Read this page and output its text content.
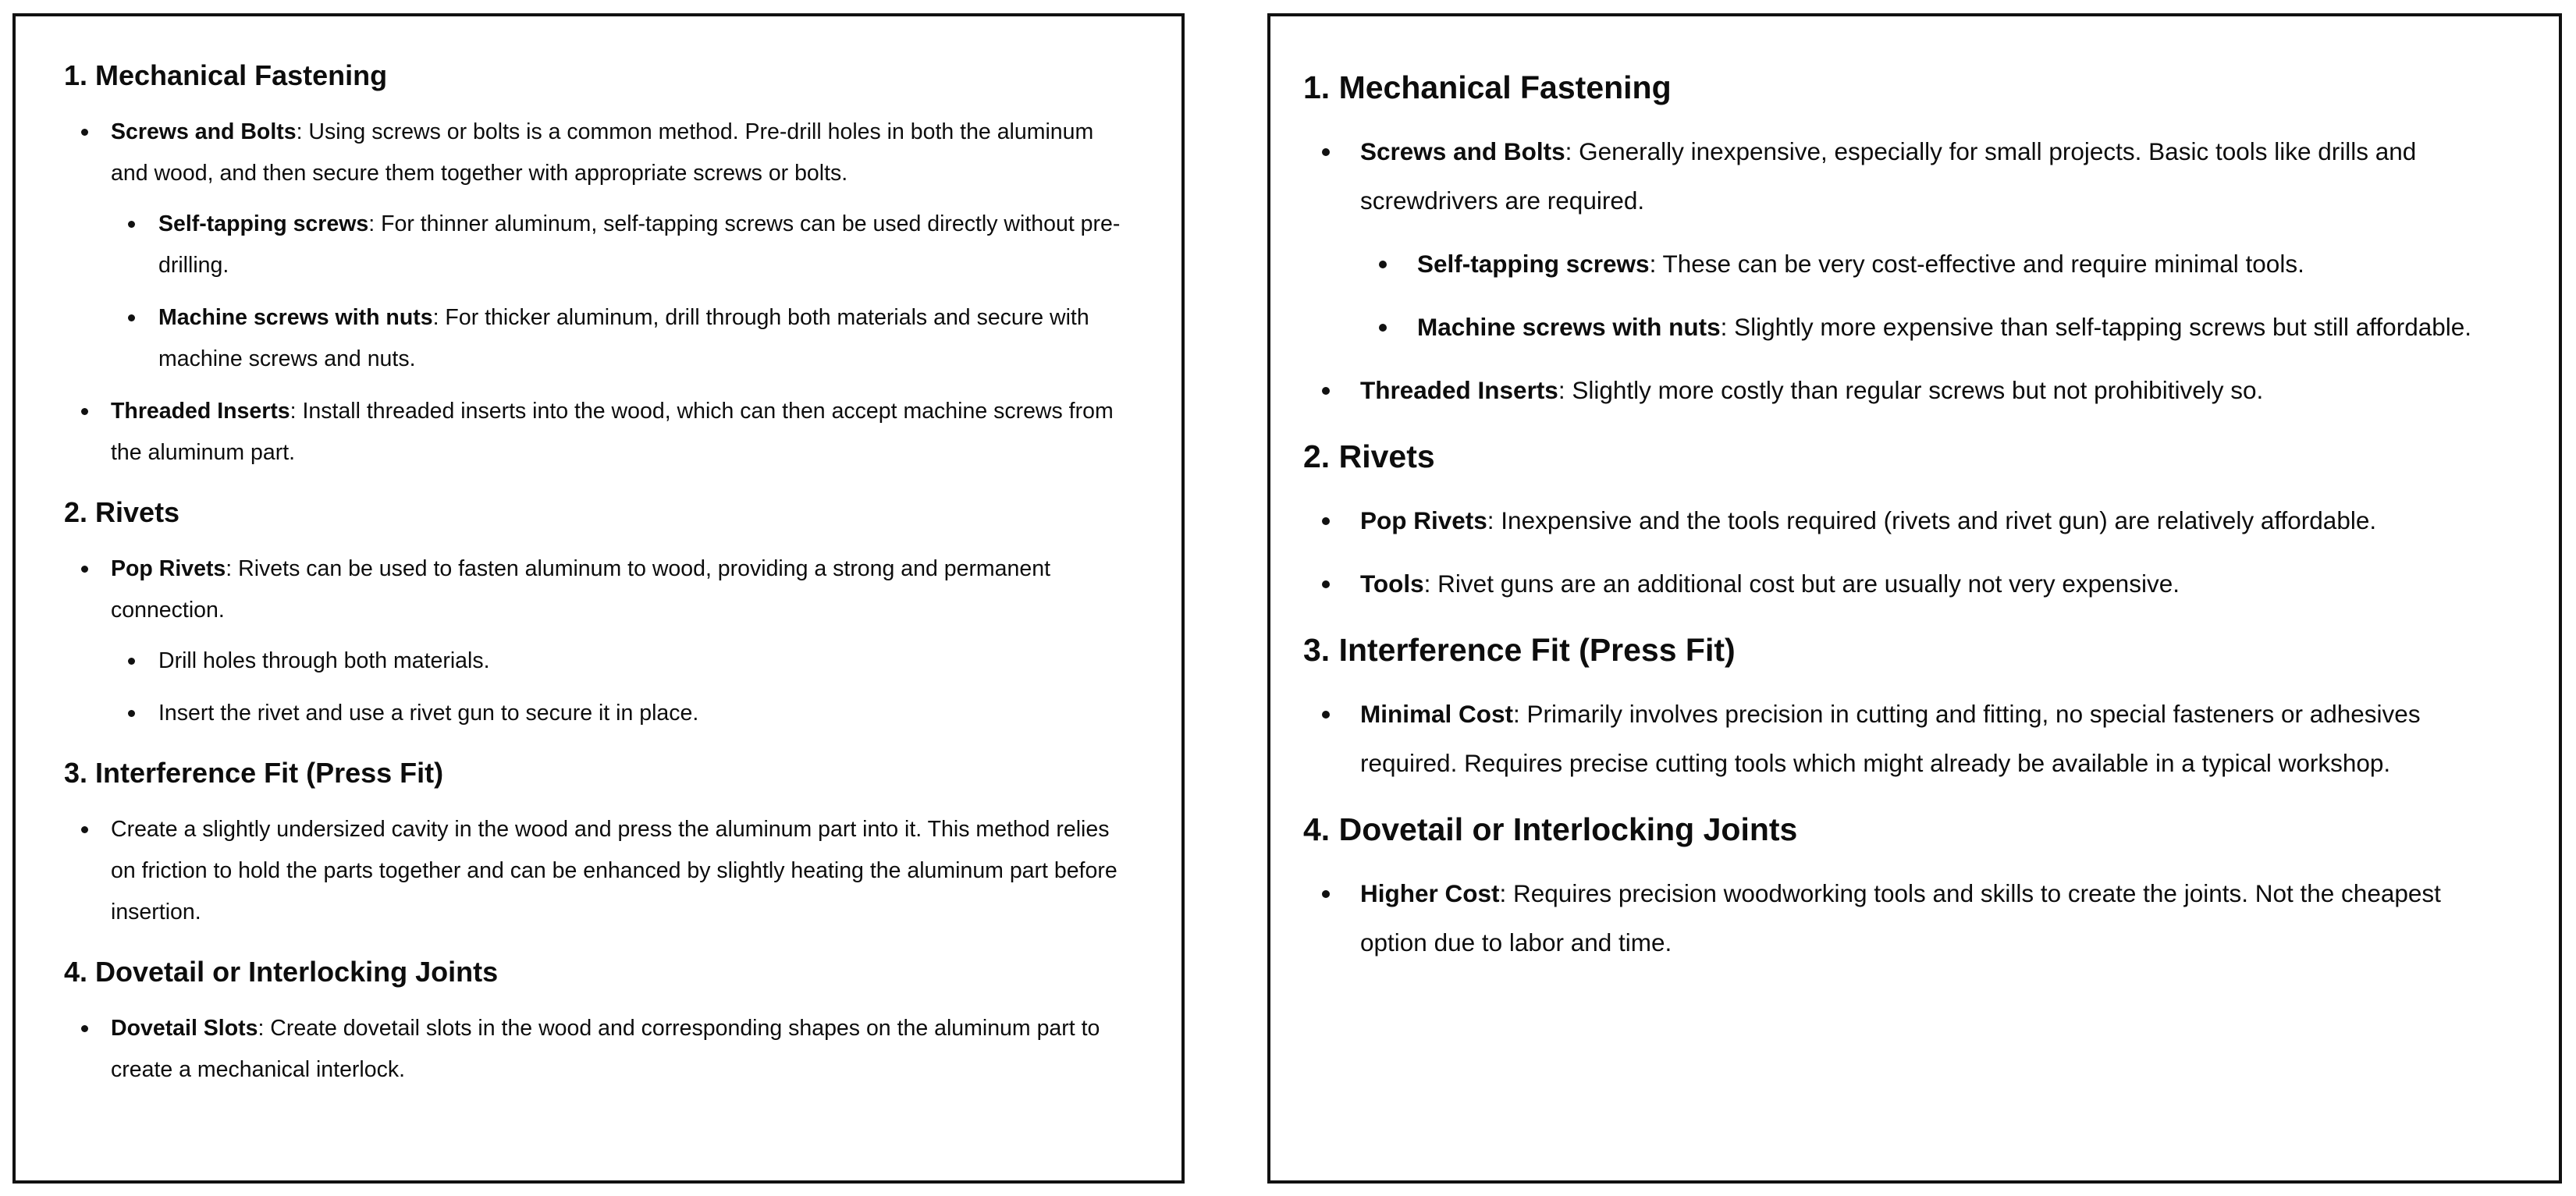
1. Mechanical Fastening
Screws and Bolts: Using screws or bolts is a common method. Pre-drill holes in both the aluminum and wood, and then secure them together with appropriate screws or bolts.
Self-tapping screws: For thinner aluminum, self-tapping screws can be used directly without pre-drilling.
Machine screws with nuts: For thicker aluminum, drill through both materials and secure with machine screws and nuts.
Threaded Inserts: Install threaded inserts into the wood, which can then accept machine screws from the aluminum part.
2. Rivets
Pop Rivets: Rivets can be used to fasten aluminum to wood, providing a strong and permanent connection.
Drill holes through both materials.
Insert the rivet and use a rivet gun to secure it in place.
3. Interference Fit (Press Fit)
Create a slightly undersized cavity in the wood and press the aluminum part into it. This method relies on friction to hold the parts together and can be enhanced by slightly heating the aluminum part before insertion.
4. Dovetail or Interlocking Joints
Dovetail Slots: Create dovetail slots in the wood and corresponding shapes on the aluminum part to create a mechanical interlock.
1. Mechanical Fastening
Screws and Bolts: Generally inexpensive, especially for small projects. Basic tools like drills and screwdrivers are required.
Self-tapping screws: These can be very cost-effective and require minimal tools.
Machine screws with nuts: Slightly more expensive than self-tapping screws but still affordable.
Threaded Inserts: Slightly more costly than regular screws but not prohibitively so.
2. Rivets
Pop Rivets: Inexpensive and the tools required (rivets and rivet gun) are relatively affordable.
Tools: Rivet guns are an additional cost but are usually not very expensive.
3. Interference Fit (Press Fit)
Minimal Cost: Primarily involves precision in cutting and fitting, no special fasteners or adhesives required. Requires precise cutting tools which might already be available in a typical workshop.
4. Dovetail or Interlocking Joints
Higher Cost: Requires precision woodworking tools and skills to create the joints. Not the cheapest option due to labor and time.
